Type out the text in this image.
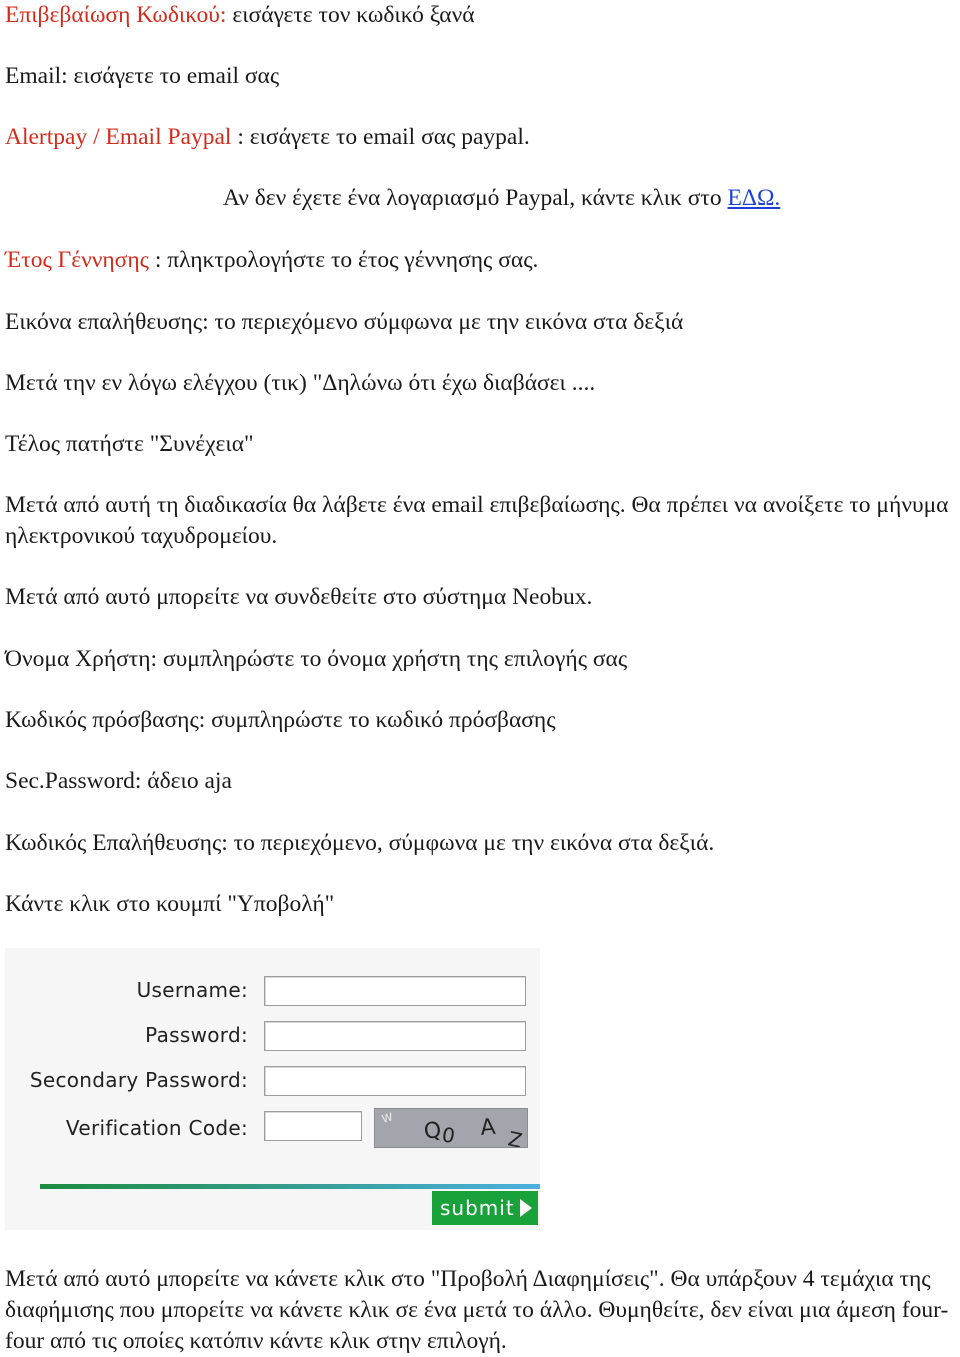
Επιβεβαίωση Κωδικού: εισάγετε τον κωδικό ξανά
Email: εισάγετε το email σας
Alertpay / Email Paypal : εισάγετε το email σας paypal.
Αν δεν έχετε ένα λογαριασμό Paypal, κάντε κλικ στο ΕΔΩ.
Έτος Γέννησης : πληκτρολογήστε το έτος γέννησης σας.
Εικόνα επαλήθευσης: το περιεχόμενο σύμφωνα με την εικόνα στα δεξιά
Μετά την εν λόγω ελέγχου (τικ) "Δηλώνω ότι έχω διαβάσει ....
Τέλος πατήστε "Συνέχεια"
Μετά από αυτή τη διαδικασία θα λάβετε ένα email επιβεβαίωσης. Θα πρέπει να ανοίξετε το μήνυμα ηλεκτρονικού ταχυδρομείου.
Μετά από αυτό μπορείτε να συνδεθείτε στο σύστημα Neobux.
Όνομα Χρήστη: συμπληρώστε το όνομα χρήστη της επιλογής σας
Κωδικός πρόσβασης: συμπληρώστε το κωδικό πρόσβασης
Sec.Password: άδειο aja
Κωδικός Επαλήθευσης: το περιεχόμενο, σύμφωνα με την εικόνα στα δεξιά.
Κάντε κλικ στο κουμπί "Υποβολή"
Username:
Password:
Secondary Password:
Verification Code:	W Q
0 A Z
submit
Μετά από αυτό μπορείτε να κάνετε κλικ στο "Προβολή Διαφημίσεις". Θα υπάρξουν 4 τεμάχια της διαφήμισης που μπορείτε να κάνετε κλικ σε ένα μετά το άλλο. Θυμηθείτε, δεν είναι μια άμεση four-four από τις οποίες κατόπιν κάντε κλικ στην επιλογή.
